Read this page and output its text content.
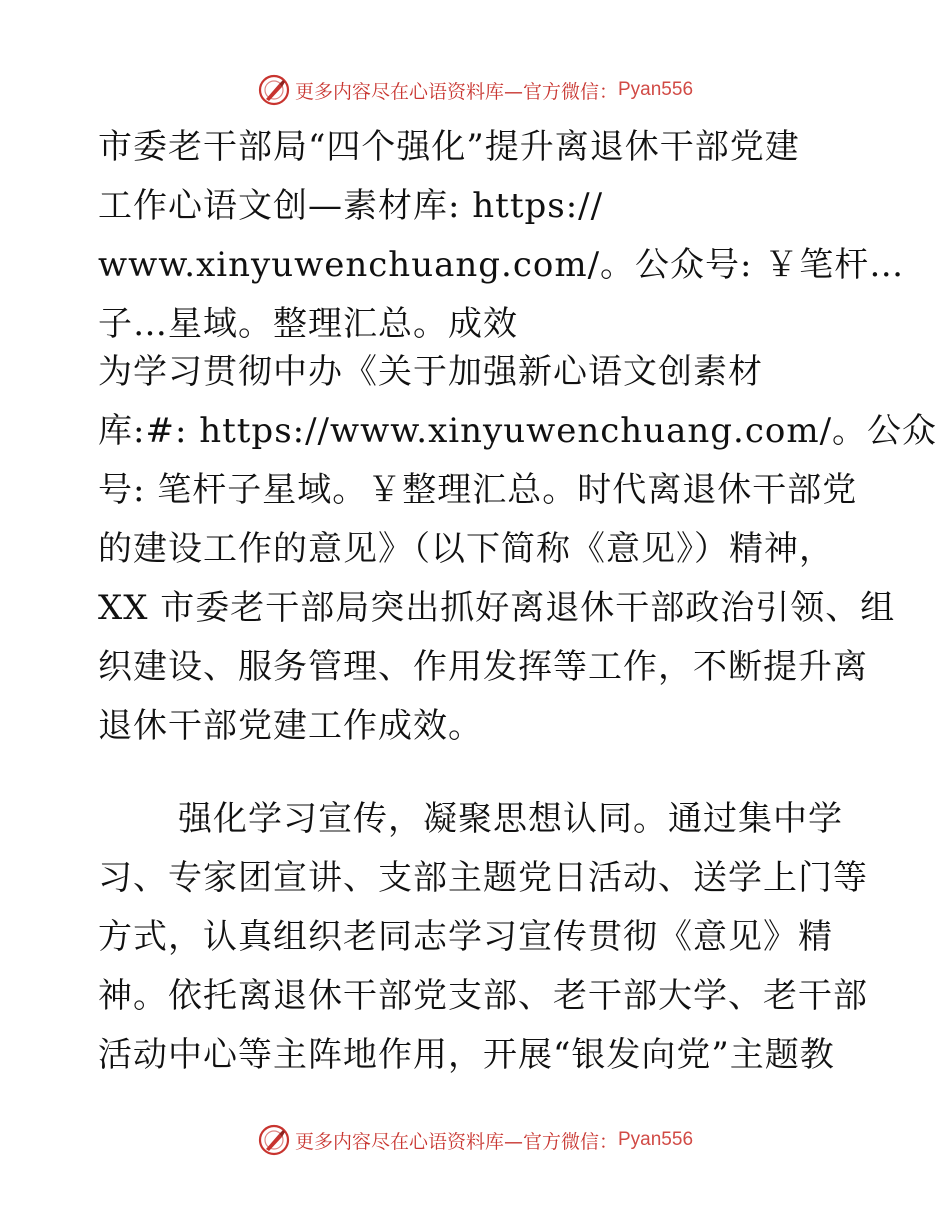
更多内容尽在心语资料库—官方微信： Pyan556
市委老干部局“四个强化”提升离退休干部党建
工作心语文创—素材库: https://
www.xinyuwenchuang.com/。公众号: ￥笔杆…
子…星域。整理汇总。成效
为学习贯彻中办《关于加强新心语文创素材
库:#: https://www.xinyuwenchuang.com/。公众
号: 笔杆子星域。￥整理汇总。时代离退休干部党
的建设工作的意见》（以下简称《意见》）精神，
XX 市委老干部局突出抓好离退休干部政治引领、组
织建设、服务管理、作用发挥等工作，不断提升离
退休干部党建工作成效。
强化学习宣传，凝聚思想认同。通过集中学
习、专家团宣讲、支部主题党日活动、送学上门等
方式，认真组织老同志学习宣传贯彻《意见》精
神。依托离退休干部党支部、老干部大学、老干部
活动中心等主阵地作用，开展“银发向党”主题教
更多内容尽在心语资料库—官方微信： Pyan556
